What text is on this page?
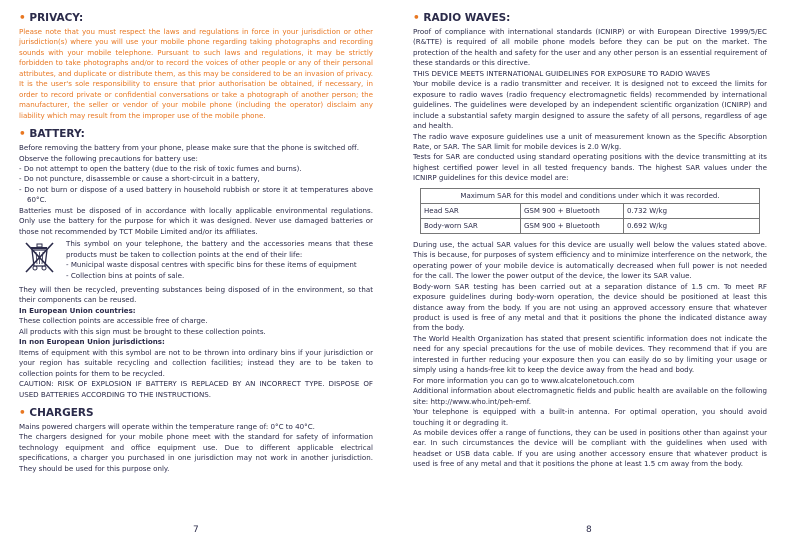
• PRIVACY:

Please note that you must respect the laws and regulations in force in your jurisdiction or other jurisdiction(s) where you will use your mobile phone regarding taking photographs and recording sounds with your mobile telephone. Pursuant to such laws and regulations, it may be strictly forbidden to take photographs and/or to record the voices of other people or any of their personal attributes, and duplicate or distribute them, as this may be considered to be an invasion of privacy. It is the user's sole responsibility to ensure that prior authorisation be obtained, if necessary, in order to record private or confidential conversations or take a photograph of another person; the manufacturer, the seller or vendor of your mobile phone (including the operator) disclaim any liability which may result from the improper use of the mobile phone.

• BATTERY:

Before removing the battery from your phone, please make sure that the phone is switched off.

Observe the following precautions for battery use:

- Do not attempt to open the battery (due to the risk of toxic fumes and burns).

- Do not puncture, disassemble or cause a short-circuit in a battery,

- Do not burn or dispose of a used battery in household rubbish or store it at temperatures above 60°C.

Batteries must be disposed of in accordance with locally applicable environmental regulations. Only use the battery for the purpose for which it was designed. Never use damaged batteries or those not recommended by TCT Mobile Limited and/or its affiliates.

This symbol on your telephone, the battery and the accessories means that these products must be taken to collection points at the end of their life:

- Municipal waste disposal centres with specific bins for these items of equipment

- Collection bins at points of sale.

They will then be recycled, preventing substances being disposed of in the environment, so that their components can be reused.

In European Union countries:

These collection points are accessible free of charge.

All products with this sign must be brought to these collection points.

In non European Union jurisdictions:

Items of equipment with this symbol are not to be thrown into ordinary bins if your jurisdiction or your region has suitable recycling and collection facilities; instead they are to be taken to collection points for them to be recycled.

CAUTION: RISK OF EXPLOSION IF BATTERY IS REPLACED BY AN INCORRECT TYPE. DISPOSE OF USED BATTERIES ACCORDING TO THE INSTRUCTIONS.

• CHARGERS

Mains powered chargers will operate within the temperature range of: 0°C to 40°C.

The chargers designed for your mobile phone meet with the standard for safety of information technology equipment and office equipment use. Due to different applicable electrical specifications, a charger you purchased in one jurisdiction may not work in another jurisdiction. They should be used for this purpose only.

• RADIO WAVES:

Proof of compliance with international standards (ICNIRP) or with European Directive 1999/5/EC (R&TTE) is required of all mobile phone models before they can be put on the market. The protection of the health and safety for the user and any other person is an essential requirement of these standards or this directive.

THIS DEVICE MEETS INTERNATIONAL GUIDELINES FOR EXPOSURE TO RADIO WAVES

Your mobile device is a radio transmitter and receiver. It is designed not to exceed the limits for exposure to radio waves (radio frequency electromagnetic fields) recommended by international guidelines. The guidelines were developed by an independent scientific organization (ICNIRP) and include a substantial safety margin designed to assure the safety of all persons, regardless of age and health.

The radio wave exposure guidelines use a unit of measurement known as the Specific Absorption Rate, or SAR. The SAR limit for mobile devices is 2.0 W/kg.

Tests for SAR are conducted using standard operating positions with the device transmitting at its highest certified power level in all tested frequency bands. The highest SAR values under the ICNIRP guidelines for this device model are:

Maximum SAR for this model and conditions under which it was recorded.		
Head SAR	GSM 900 + Bluetooth	0.732 W/kg
Body-worn SAR	GSM 900 + Bluetooth	0.692 W/kg

During use, the actual SAR values for this device are usually well below the values stated above. This is because, for purposes of system efficiency and to minimize interference on the network, the operating power of your mobile device is automatically decreased when full power is not needed for the call. The lower the power output of the device, the lower its SAR value.

Body-worn SAR testing has been carried out at a separation distance of 1.5 cm. To meet RF exposure guidelines during body-worn operation, the device should be positioned at least this distance away from the body. If you are not using an approved accessory ensure that whatever product is used is free of any metal and that it positions the phone the indicated distance away from the body.

The World Health Organization has stated that present scientific information does not indicate the need for any special precautions for the use of mobile devices. They recommend that if you are interested in further reducing your exposure then you can easily do so by limiting your usage or simply using a hands-free kit to keep the device away from the head and body.

For more information you can go to www.alcatelonetouch.com

Additional information about electromagnetic fields and public health are available on the following site: http://www.who.int/peh-emf.

Your telephone is equipped with a built-in antenna. For optimal operation, you should avoid touching it or degrading it.

As mobile devices offer a range of functions, they can be used in positions other than against your ear. In such circumstances the device will be compliant with the guidelines when used with headset or USB data cable. If you are using another accessory ensure that whatever product is used is free of any metal and that it positions the phone at least 1.5 cm away from the body.

7	8
